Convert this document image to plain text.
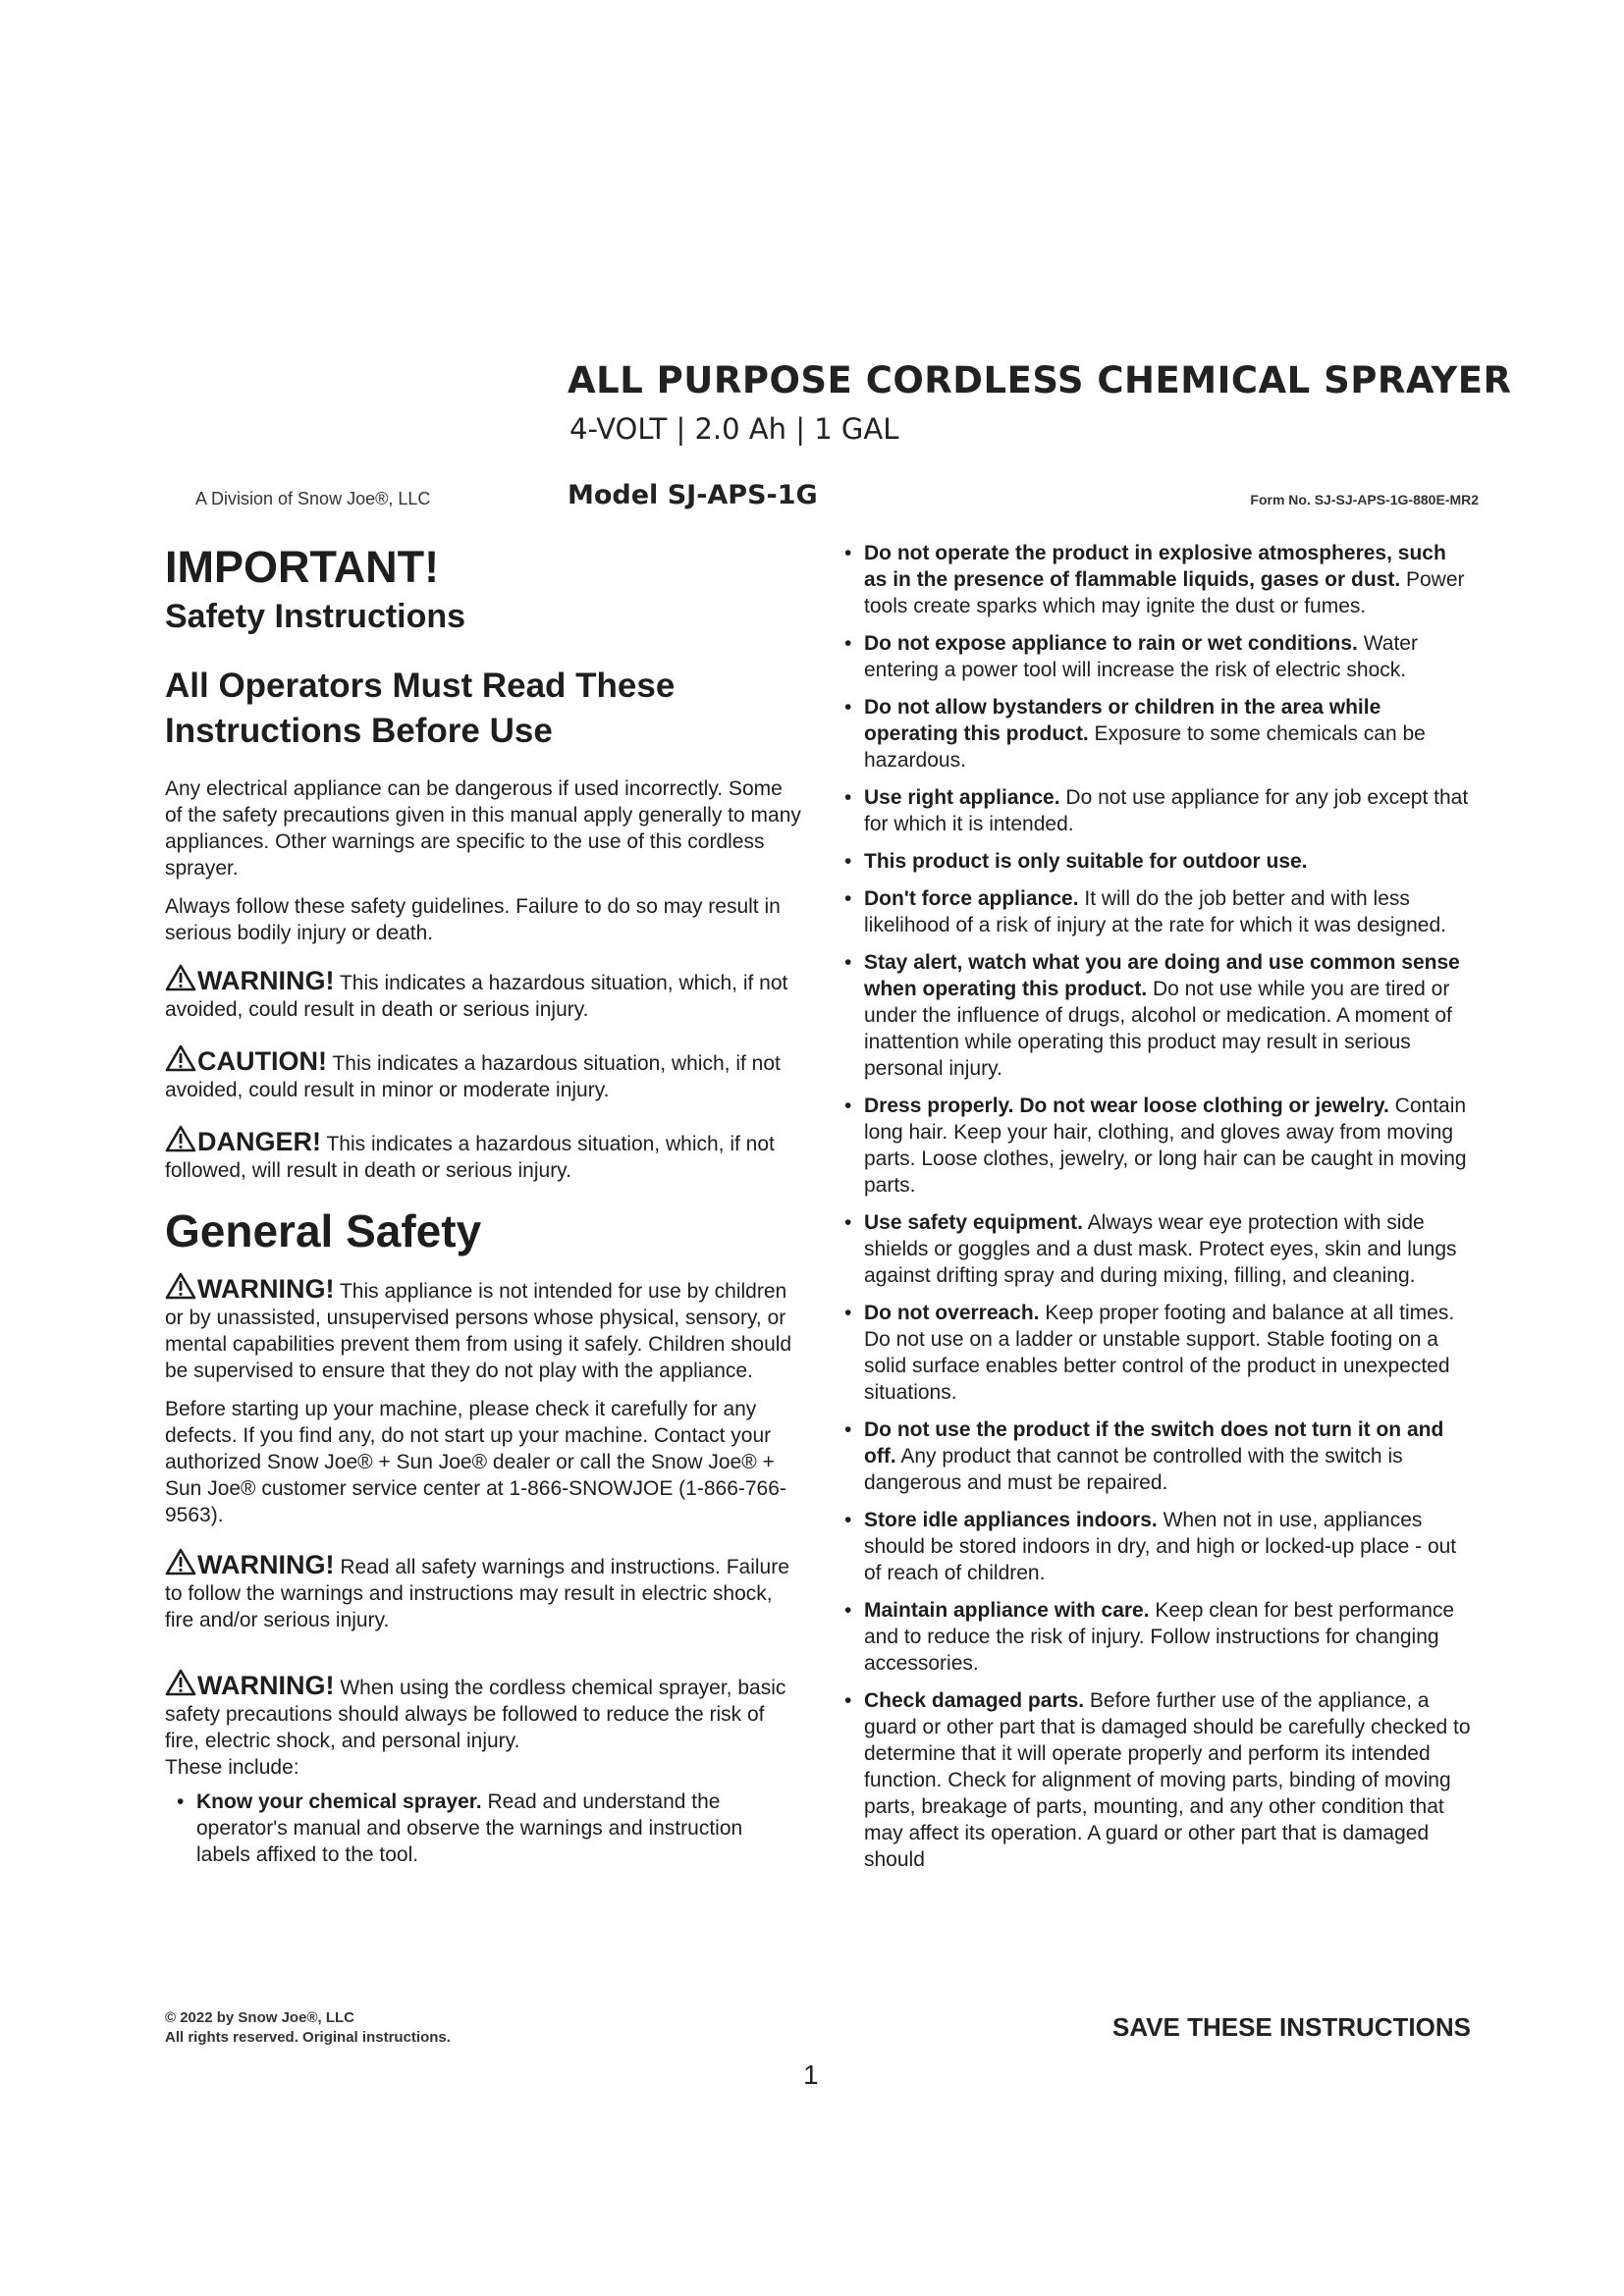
ALL PURPOSE CORDLESS CHEMICAL SPRAYER
4-VOLT | 2.0 Ah | 1 GAL
A Division of Snow Joe®, LLC	Model SJ-APS-1G	Form No. SJ-SJ-APS-1G-880E-MR2
IMPORTANT!
Safety Instructions
All Operators Must Read These Instructions Before Use

Any electrical appliance can be dangerous if used incorrectly. Some of the safety precautions given in this manual apply generally to many appliances. Other warnings are specific to the use of this cordless sprayer.

Always follow these safety guidelines. Failure to do so may result in serious bodily injury or death.

WARNING! This indicates a hazardous situation, which, if not avoided, could result in death or serious injury.
CAUTION! This indicates a hazardous situation, which, if not avoided, could result in minor or moderate injury.
DANGER! This indicates a hazardous situation, which, if not followed, will result in death or serious injury.
General Safety
WARNING! This appliance is not intended for use by children or by unassisted, unsupervised persons whose physical, sensory, or mental capabilities prevent them from using it safely. Children should be supervised to ensure that they do not play with the appliance.

Before starting up your machine, please check it carefully for any defects. If you find any, do not start up your machine. Contact your authorized Snow Joe® + Sun Joe® dealer or call the Snow Joe® + Sun Joe® customer service center at 1-866-SNOWJOE (1-866-766-9563).

WARNING! Read all safety warnings and instructions. Failure to follow the warnings and instructions may result in electric shock, fire and/or serious injury.
WARNING! When using the cordless chemical sprayer, basic safety precautions should always be followed to reduce the risk of fire, electric shock, and personal injury.

These include:

• Know your chemical sprayer. Read and understand the operator's manual and observe the warnings and instruction labels affixed to the tool.
• Do not operate the product in explosive atmospheres, such as in the presence of flammable liquids, gases or dust. Power tools create sparks which may ignite the dust or fumes.
• Do not expose appliance to rain or wet conditions. Water entering a power tool will increase the risk of electric shock.
• Do not allow bystanders or children in the area while operating this product. Exposure to some chemicals can be hazardous.
• Use right appliance. Do not use appliance for any job except that for which it is intended.
• This product is only suitable for outdoor use.
• Don't force appliance. It will do the job better and with less likelihood of a risk of injury at the rate for which it was designed.
• Stay alert, watch what you are doing and use common sense when operating this product. Do not use while you are tired or under the influence of drugs, alcohol or medication. A moment of inattention while operating this product may result in serious personal injury.
• Dress properly. Do not wear loose clothing or jewelry. Contain long hair. Keep your hair, clothing, and gloves away from moving parts. Loose clothes, jewelry, or long hair can be caught in moving parts.
• Use safety equipment. Always wear eye protection with side shields or goggles and a dust mask. Protect eyes, skin and lungs against drifting spray and during mixing, filling, and cleaning.
• Do not overreach. Keep proper footing and balance at all times. Do not use on a ladder or unstable support. Stable footing on a solid surface enables better control of the product in unexpected situations.
• Do not use the product if the switch does not turn it on and off. Any product that cannot be controlled with the switch is dangerous and must be repaired.
• Store idle appliances indoors. When not in use, appliances should be stored indoors in dry, and high or locked-up place - out of reach of children.
• Maintain appliance with care. Keep clean for best performance and to reduce the risk of injury. Follow instructions for changing accessories.
• Check damaged parts. Before further use of the appliance, a guard or other part that is damaged should be carefully checked to determine that it will operate properly and perform its intended function. Check for alignment of moving parts, binding of moving parts, breakage of parts, mounting, and any other condition that may affect its operation. A guard or other part that is damaged should
© 2022 by Snow Joe®, LLC
All rights reserved. Original instructions.	SAVE THESE INSTRUCTIONS
1
